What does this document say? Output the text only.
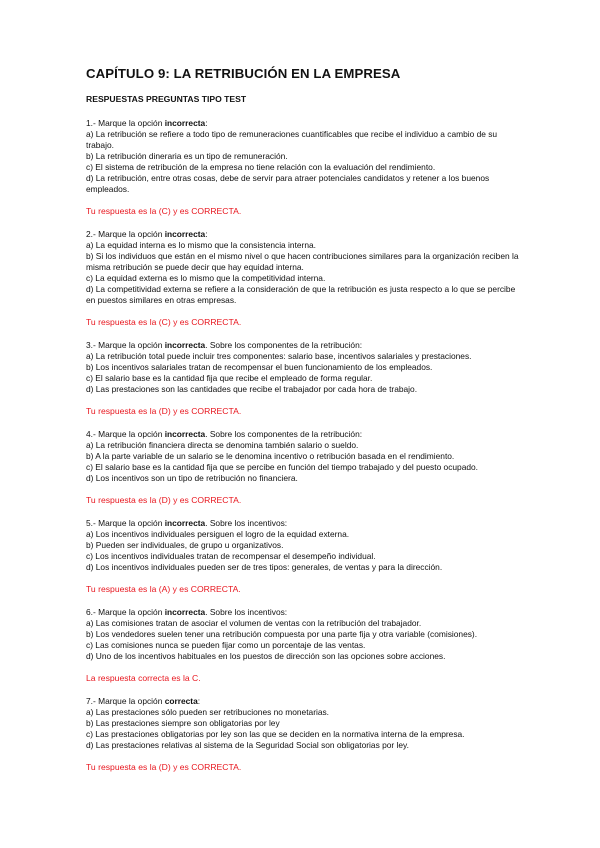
CAPÍTULO 9: LA RETRIBUCIÓN EN LA EMPRESA
RESPUESTAS PREGUNTAS TIPO TEST
1.- Marque la opción incorrecta:
a) La retribución se refiere a todo tipo de remuneraciones cuantificables que recibe el individuo a cambio de su trabajo.
b) La retribución dineraria es un tipo de remuneración.
c) El sistema de retribución de la empresa no tiene relación con la evaluación del rendimiento.
d) La retribución, entre otras cosas, debe de servir para atraer potenciales candidatos y retener a los buenos empleados.
Tu respuesta es la (C) y es CORRECTA.
2.- Marque la opción incorrecta:
a) La equidad interna es lo mismo que la consistencia interna.
b) Si los individuos que están en el mismo nivel o que hacen contribuciones similares para la organización reciben la misma retribución se puede decir que hay equidad interna.
c) La equidad externa es lo mismo que la competitividad interna.
d) La competitividad externa se refiere a la consideración de que la retribución es justa respecto a lo que se percibe en puestos similares en otras empresas.
Tu respuesta es la (C) y es CORRECTA.
3.- Marque la opción incorrecta. Sobre los componentes de la retribución:
a) La retribución total puede incluir tres componentes: salario base, incentivos salariales y prestaciones.
b) Los incentivos salariales tratan de recompensar el buen funcionamiento de los empleados.
c) El salario base es la cantidad fija que recibe el empleado de forma regular.
d) Las prestaciones son las cantidades que recibe el trabajador por cada hora de trabajo.
Tu respuesta es la (D) y es CORRECTA.
4.- Marque la opción incorrecta. Sobre los componentes de la retribución:
a) La retribución financiera directa se denomina también salario o sueldo.
b) A la parte variable de un salario se le denomina incentivo o retribución basada en el rendimiento.
c) El salario base es la cantidad fija que se percibe en función del tiempo trabajado y del puesto ocupado.
d) Los incentivos son un tipo de retribución no financiera.
Tu respuesta es la (D) y es CORRECTA.
5.- Marque la opción incorrecta. Sobre los incentivos:
a) Los incentivos individuales persiguen el logro de la equidad externa.
b) Pueden ser individuales, de grupo u organizativos.
c) Los incentivos individuales tratan de recompensar el desempeño individual.
d) Los incentivos individuales pueden ser de tres tipos: generales, de ventas y para la dirección.
Tu respuesta es la (A) y es CORRECTA.
6.- Marque la opción incorrecta. Sobre los incentivos:
a) Las comisiones tratan de asociar el volumen de ventas con la retribución del trabajador.
b) Los vendedores suelen tener una retribución compuesta por una parte fija y otra variable (comisiones).
c) Las comisiones nunca se pueden fijar como un porcentaje de las ventas.
d) Uno de los incentivos habituales en los puestos de dirección son las opciones sobre acciones.
La respuesta correcta es la C.
7.- Marque la opción correcta:
a) Las prestaciones sólo pueden ser retribuciones no monetarias.
b) Las prestaciones siempre son obligatorias por ley
c) Las prestaciones obligatorias por ley son las que se deciden en la normativa interna de la empresa.
d) Las prestaciones relativas al sistema de la Seguridad Social son obligatorias por ley.
Tu respuesta es la (D) y es CORRECTA.
